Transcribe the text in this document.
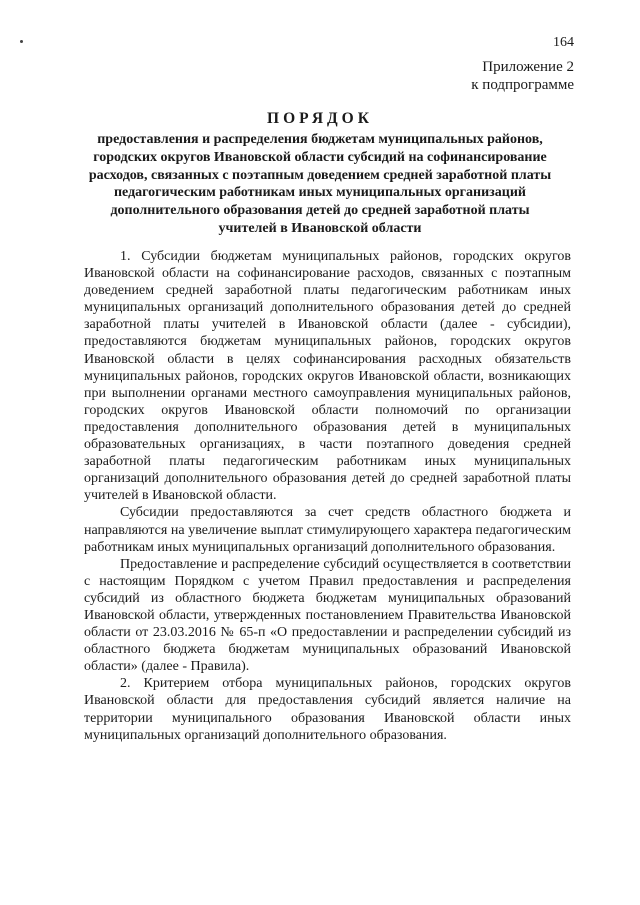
164
Приложение 2
к подпрограмме
ПОРЯДОК
предоставления и распределения бюджетам муниципальных районов, городских округов Ивановской области субсидий на софинансирование расходов, связанных с поэтапным доведением средней заработной платы педагогическим работникам иных муниципальных организаций дополнительного образования детей до средней заработной платы учителей в Ивановской области

1. Субсидии бюджетам муниципальных районов, городских округов Ивановской области на софинансирование расходов, связанных с поэтапным доведением средней заработной платы педагогическим работникам иных муниципальных организаций дополнительного образования детей до средней заработной платы учителей в Ивановской области (далее - субсидии), предоставляются бюджетам муниципальных районов, городских округов Ивановской области в целях софинансирования расходных обязательств муниципальных районов, городских округов Ивановской области, возникающих при выполнении органами местного самоуправления муниципальных районов, городских округов Ивановской области полномочий по организации предоставления дополнительного образования детей в муниципальных образовательных организациях, в части поэтапного доведения средней заработной платы педагогическим работникам иных муниципальных организаций дополнительного образования детей до средней заработной платы учителей в Ивановской области.

Субсидии предоставляются за счет средств областного бюджета и направляются на увеличение выплат стимулирующего характера педагогическим работникам иных муниципальных организаций дополнительного образования.

Предоставление и распределение субсидий осуществляется в соответствии с настоящим Порядком с учетом Правил предоставления и распределения субсидий из областного бюджета бюджетам муниципальных образований Ивановской области, утвержденных постановлением Правительства Ивановской области от 23.03.2016 № 65-п «О предоставлении и распределении субсидий из областного бюджета бюджетам муниципальных образований Ивановской области» (далее - Правила).

2. Критерием отбора муниципальных районов, городских округов Ивановской области для предоставления субсидий является наличие на территории муниципального образования Ивановской области иных муниципальных организаций дополнительного образования.
